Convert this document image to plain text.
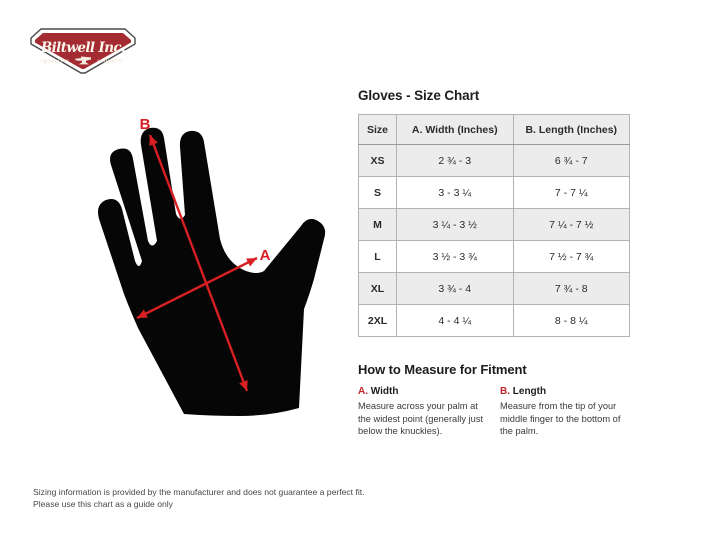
Biltwell Inc.
"QUALITY"	"COUNTS"
B
A
Gloves - Size Chart
Size	A. Width (Inches)	B. Length (Inches)
XS	2 ¾ - 3	6 ¾ - 7
S	3 - 3 ¼	7 - 7 ¼
M	3 ¼ - 3 ½	7 ¼ - 7 ½
L	3 ½ - 3 ¾	7 ½ - 7 ¾
XL	3 ¾ - 4	7 ¾ - 8
2XL	4 - 4 ¼	8 - 8 ¼
How to Measure for Fitment
A. Width

Measure across your palm at the widest point (generally just below the knuckles).

B. Length

Measure from the tip of your middle finger to the bottom of the palm.

Sizing information is provided by the manufacturer and does not guarantee a perfect fit.
Please use this chart as a guide only
